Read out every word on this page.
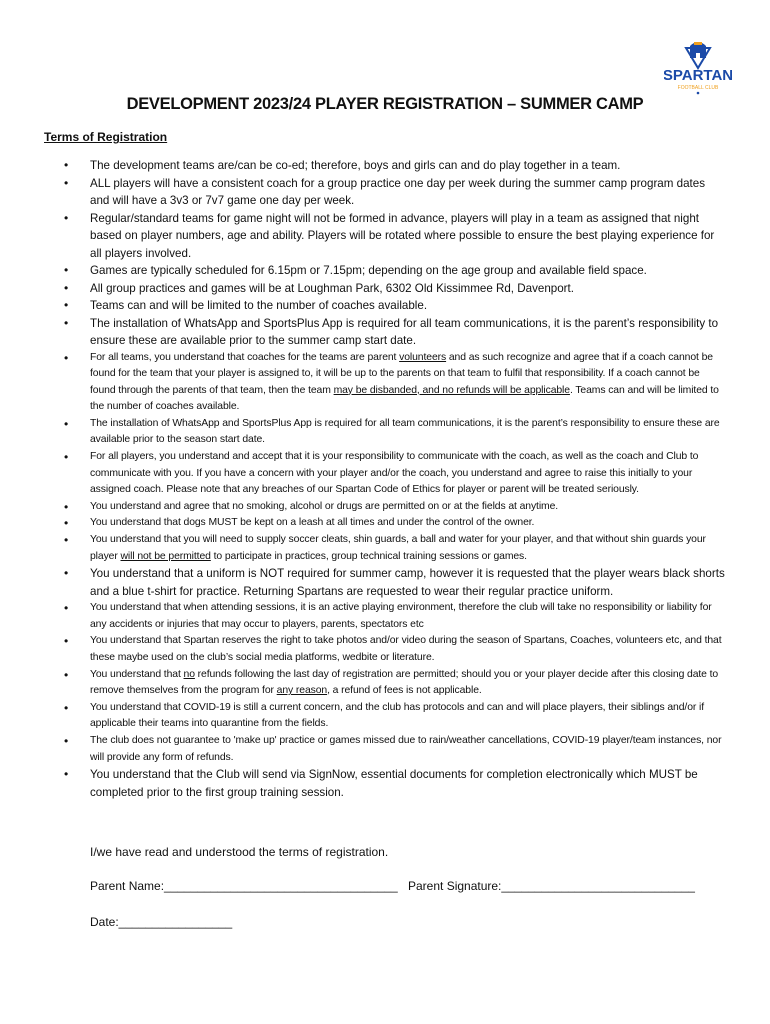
SPARTAN
FOOTBALL CLUB
DEVELOPMENT 2023/24 PLAYER REGISTRATION – SUMMER CAMP
Terms of Registration
• The development teams are/can be co-ed; therefore, boys and girls can and do play together in a team.
• ALL players will have a consistent coach for a group practice one day per week during the summer camp program dates and will have a 3v3 or 7v7 game one day per week.
• Regular/standard teams for game night will not be formed in advance, players will play in a team as assigned that night based on player numbers, age and ability. Players will be rotated where possible to ensure the best playing experience for all players involved.
• Games are typically scheduled for 6.15pm or 7.15pm; depending on the age group and available field space.
• All group practices and games will be at Loughman Park, 6302 Old Kissimmee Rd, Davenport.
• Teams can and will be limited to the number of coaches available.
• The installation of WhatsApp and SportsPlus App is required for all team communications, it is the parent’s responsibility to ensure these are available prior to the summer camp start date.
• For all teams, you understand that coaches for the teams are parent volunteers and as such recognize and agree that if a coach cannot be found for the team that your player is assigned to, it will be up to the parents on that team to fulfil that responsibility. If a coach cannot be found through the parents of that team, then the team may be disbanded, and no refunds will be applicable. Teams can and will be limited to the number of coaches available.
• The installation of WhatsApp and SportsPlus App is required for all team communications, it is the parent’s responsibility to ensure these are available prior to the season start date.
• For all players, you understand and accept that it is your responsibility to communicate with the coach, as well as the coach and Club to communicate with you. If you have a concern with your player and/or the coach, you understand and agree to raise this initially to your assigned coach. Please note that any breaches of our Spartan Code of Ethics for player or parent will be treated seriously.
• You understand and agree that no smoking, alcohol or drugs are permitted on or at the fields at anytime.
• You understand that dogs MUST be kept on a leash at all times and under the control of the owner.
• You understand that you will need to supply soccer cleats, shin guards, a ball and water for your player, and that without shin guards your player will not be permitted to participate in practices, group technical training sessions or games.
• You understand that a uniform is NOT required for summer camp, however it is requested that the player wears black shorts and a blue t-shirt for practice. Returning Spartans are requested to wear their regular practice uniform.
• You understand that when attending sessions, it is an active playing environment, therefore the club will take no responsibility or liability for any accidents or injuries that may occur to players, parents, spectators etc
• You understand that Spartan reserves the right to take photos and/or video during the season of Spartans, Coaches, volunteers etc, and that these maybe used on the club’s social media platforms, wedbite or literature.
• You understand that no refunds following the last day of registration are permitted; should you or your player decide after this closing date to remove themselves from the program for any reason, a refund of fees is not applicable.
• You understand that COVID-19 is still a current concern, and the club has protocols and can and will place players, their siblings and/or if applicable their teams into quarantine from the fields.
• The club does not guarantee to 'make up' practice or games missed due to rain/weather cancellations, COVID-19 player/team instances, nor will provide any form of refunds.
• You understand that the Club will send via SignNow, essential documents for completion electronically which MUST be completed prior to the first group training session.
I/we have read and understood the terms of registration.
Parent Name:___________________________________ Parent Signature:_____________________________
Date:_________________
